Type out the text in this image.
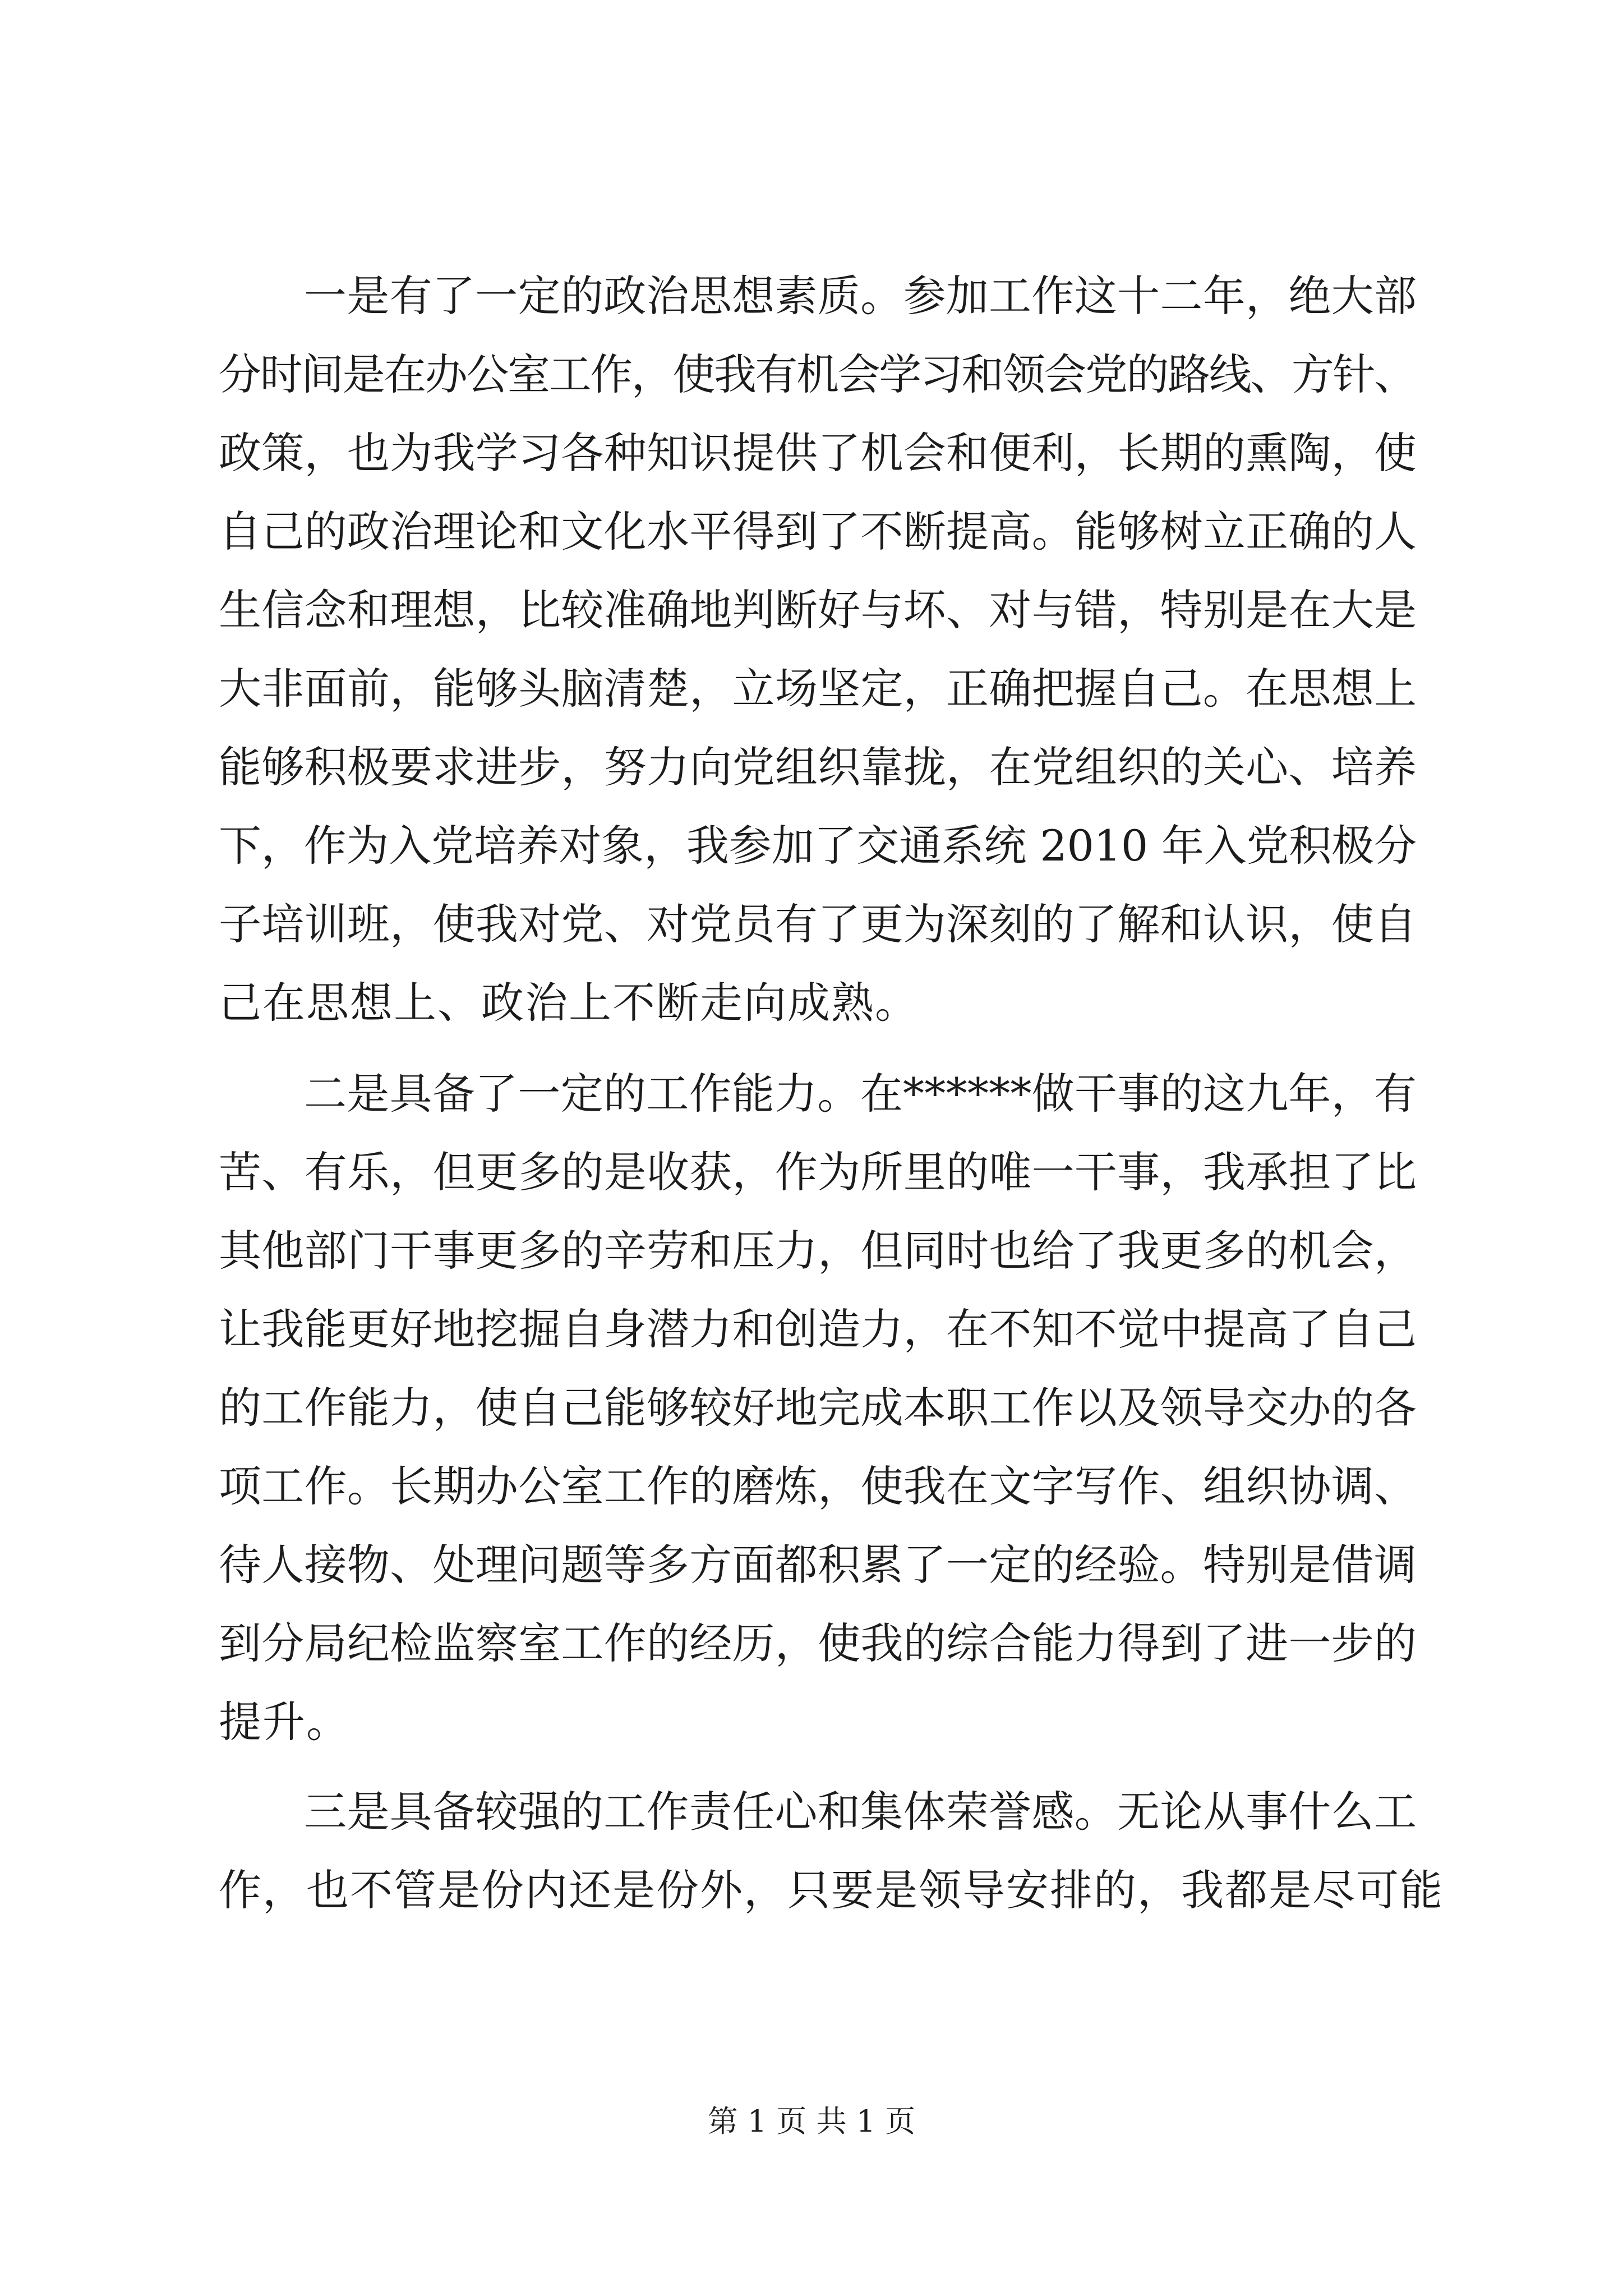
一是有了一定的政治思想素质。参加工作这十二年，绝大部
分时间是在办公室工作，使我有机会学习和领会党的路线、方针、
政策，也为我学习各种知识提供了机会和便利，长期的熏陶，使
自己的政治理论和文化水平得到了不断提高。能够树立正确的人
生信念和理想，比较准确地判断好与坏、对与错，特别是在大是
大非面前，能够头脑清楚，立场坚定，正确把握自己。在思想上
能够积极要求进步，努力向党组织靠拢，在党组织的关心、培养
下，作为入党培养对象，我参加了交通系统 2010 年入党积极分
子培训班，使我对党、对党员有了更为深刻的了解和认识，使自
己在思想上、政治上不断走向成熟。
二是具备了一定的工作能力。在******做干事的这九年，有
苦、有乐，但更多的是收获，作为所里的唯一干事，我承担了比
其他部门干事更多的辛劳和压力，但同时也给了我更多的机会，
让我能更好地挖掘自身潜力和创造力，在不知不觉中提高了自己
的工作能力，使自己能够较好地完成本职工作以及领导交办的各
项工作。长期办公室工作的磨炼，使我在文字写作、组织协调、
待人接物、处理问题等多方面都积累了一定的经验。特别是借调
到分局纪检监察室工作的经历，使我的综合能力得到了进一步的
提升。
三是具备较强的工作责任心和集体荣誉感。无论从事什么工
作，也不管是份内还是份外，只要是领导安排的，我都是尽可能
第 1 页 共 1 页
